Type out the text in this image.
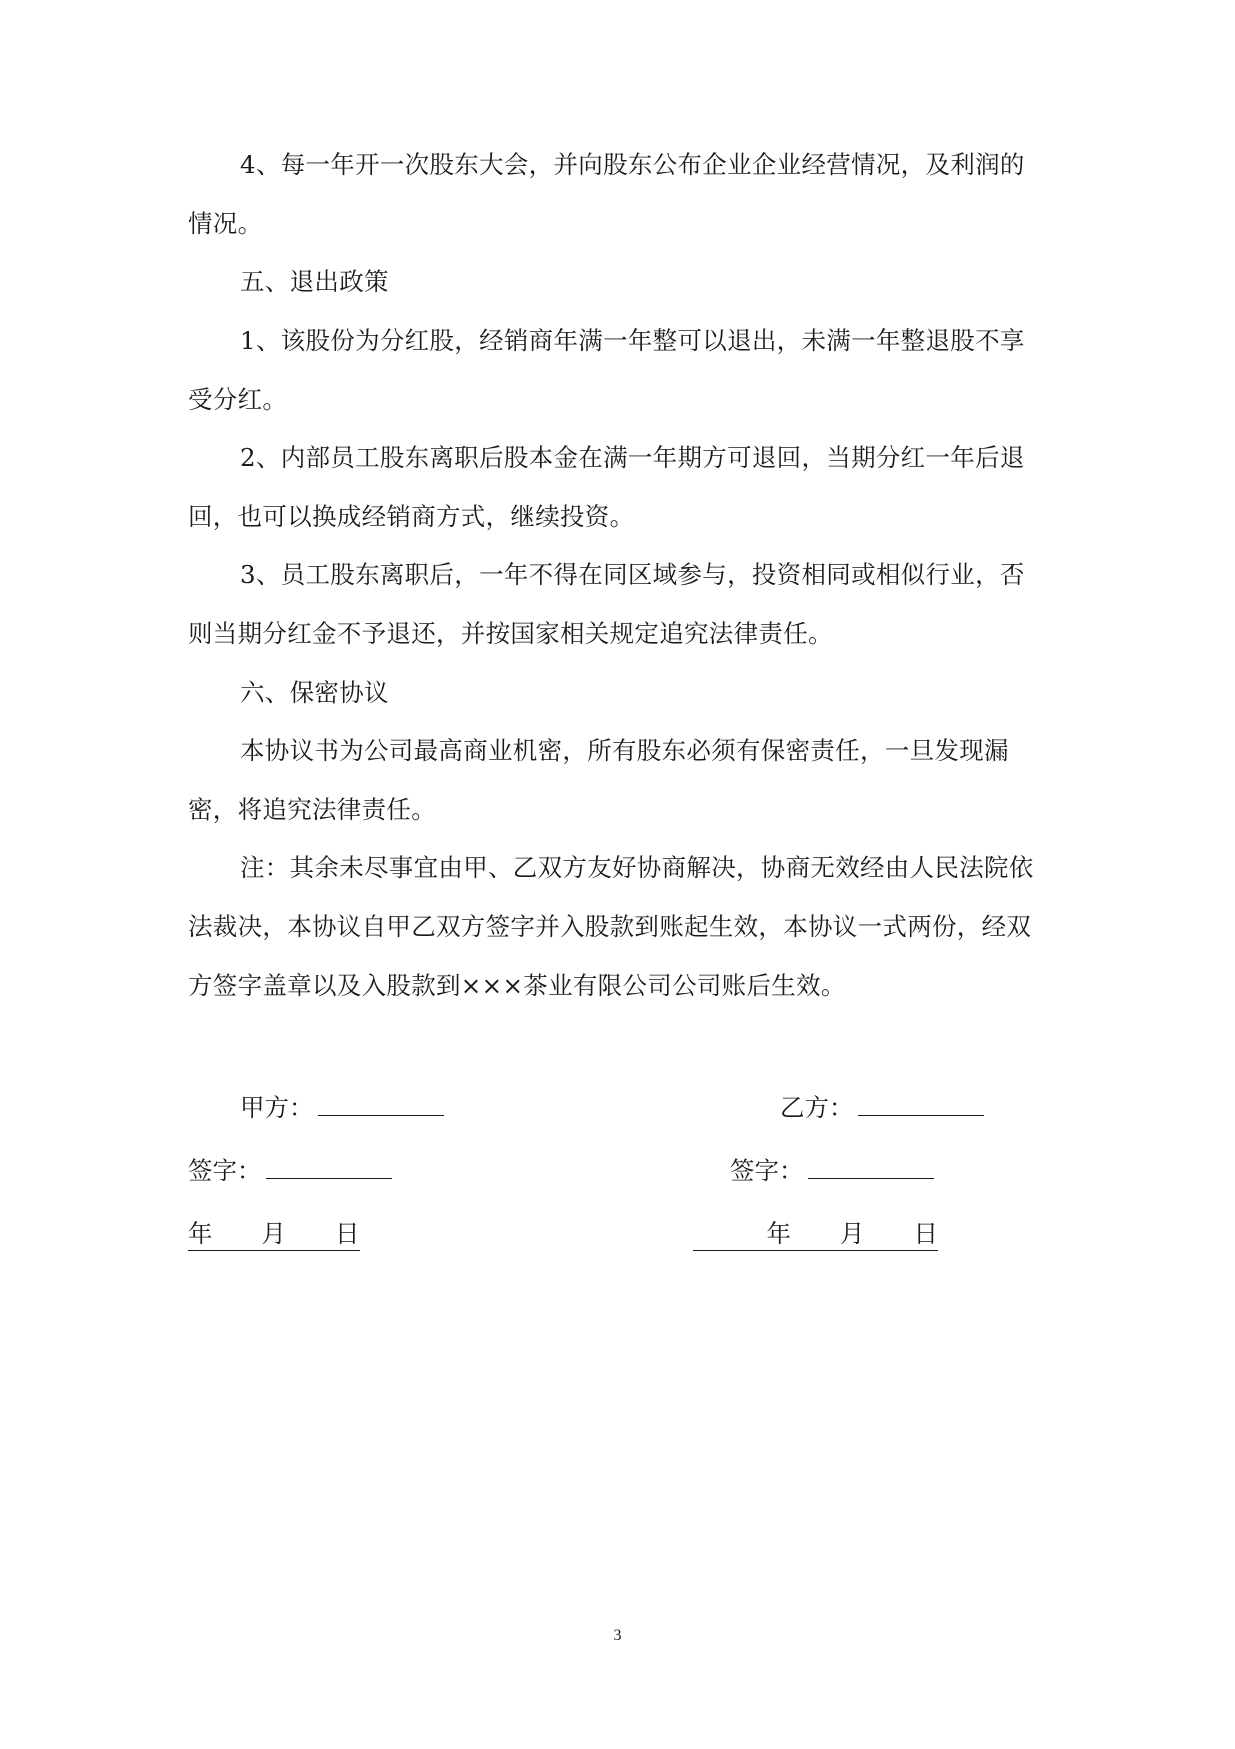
4、每一年开一次股东大会，并向股东公布企业企业经营情况，及利润的
情况。
五、退出政策
1、该股份为分红股，经销商年满一年整可以退出，未满一年整退股不享
受分红。
2、内部员工股东离职后股本金在满一年期方可退回，当期分红一年后退
回，也可以换成经销商方式，继续投资。
3、员工股东离职后，一年不得在同区域参与，投资相同或相似行业，否
则当期分红金不予退还，并按国家相关规定追究法律责任。
六、保密协议
本协议书为公司最高商业机密，所有股东必须有保密责任，一旦发现漏
密，将追究法律责任。
注：其余未尽事宜由甲、乙双方友好协商解决，协商无效经由人民法院依
法裁决，本协议自甲乙双方签字并入股款到账起生效，本协议一式两份，经双
方签字盖章以及入股款到×××茶业有限公司公司账后生效。
甲方：	乙方：
签字：	签字：
年　　月　　日	　　　年　　月　　日
3
